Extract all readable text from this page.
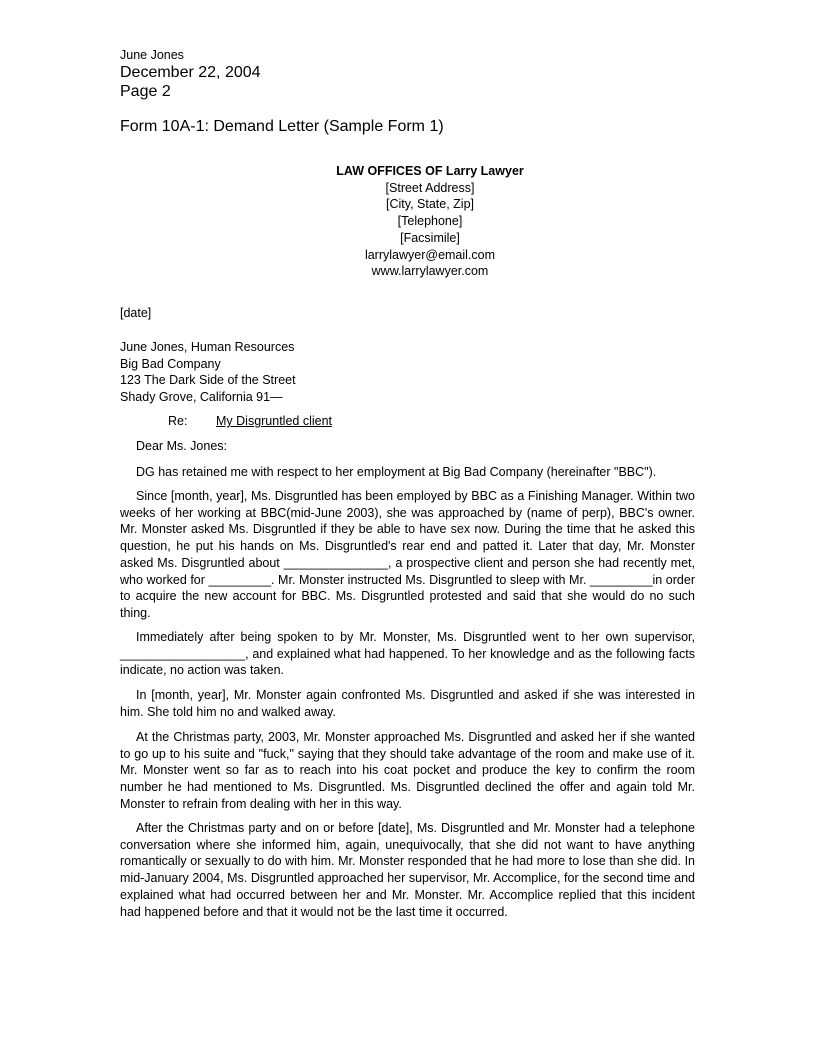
June Jones
December 22, 2004
Page 2
Form 10A-1: Demand Letter (Sample Form 1)
LAW OFFICES OF Larry Lawyer
[Street Address]
[City, State, Zip]
[Telephone]
[Facsimile]
larrylawyer@email.com
www.larrylawyer.com
[date]
June Jones, Human Resources
Big Bad Company
123 The Dark Side of the Street
Shady Grove, California 91—
Re: My Disgruntled client
Dear Ms. Jones:
DG has retained me with respect to her employment at Big Bad Company (hereinafter "BBC").
Since [month, year], Ms. Disgruntled has been employed by BBC as a Finishing Manager. Within two weeks of her working at BBC(mid-June 2003), she was approached by (name of perp), BBC's owner. Mr. Monster asked Ms. Disgruntled if they be able to have sex now. During the time that he asked this question, he put his hands on Ms. Disgruntled's rear end and patted it. Later that day, Mr. Monster asked Ms. Disgruntled about _______________, a prospective client and person she had recently met, who worked for _________. Mr. Monster instructed Ms. Disgruntled to sleep with Mr. _________in order to acquire the new account for BBC. Ms. Disgruntled protested and said that she would do no such thing.
Immediately after being spoken to by Mr. Monster, Ms. Disgruntled went to her own supervisor, __________________, and explained what had happened. To her knowledge and as the following facts indicate, no action was taken.
In [month, year], Mr. Monster again confronted Ms. Disgruntled and asked if she was interested in him. She told him no and walked away.
At the Christmas party, 2003, Mr. Monster approached Ms. Disgruntled and asked her if she wanted to go up to his suite and "fuck," saying that they should take advantage of the room and make use of it. Mr. Monster went so far as to reach into his coat pocket and produce the key to confirm the room number he had mentioned to Ms. Disgruntled. Ms. Disgruntled declined the offer and again told Mr. Monster to refrain from dealing with her in this way.
After the Christmas party and on or before [date], Ms. Disgruntled and Mr. Monster had a telephone conversation where she informed him, again, unequivocally, that she did not want to have anything romantically or sexually to do with him. Mr. Monster responded that he had more to lose than she did. In mid-January 2004, Ms. Disgruntled approached her supervisor, Mr. Accomplice, for the second time and explained what had occurred between her and Mr. Monster. Mr. Accomplice replied that this incident had happened before and that it would not be the last time it occurred.
